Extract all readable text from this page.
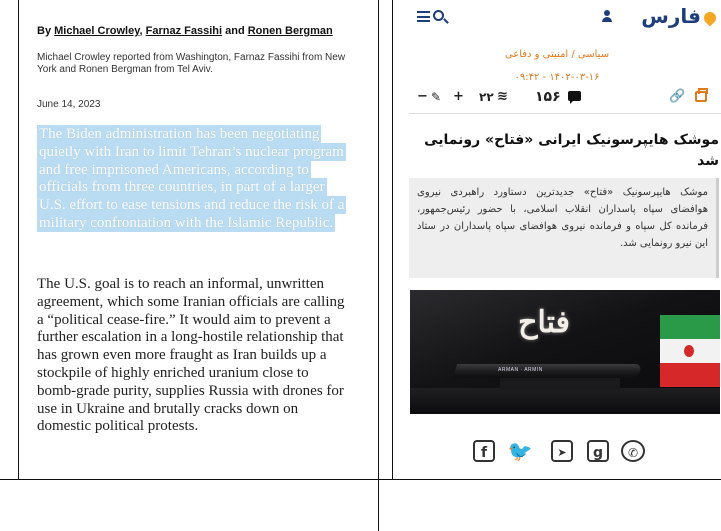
By Michael Crowley, Farnaz Fassihi and Ronen Bergman
Michael Crowley reported from Washington, Farnaz Fassihi from New York and Ronen Bergman from Tel Aviv.
June 14, 2023
The Biden administration has been negotiating quietly with Iran to limit Tehran’s nuclear program and free imprisoned Americans, according to officials from three countries, in part of a larger U.S. effort to ease tensions and reduce the risk of a military confrontation with the Islamic Republic.
The U.S. goal is to reach an informal, unwritten agreement, which some Iranian officials are calling a “political cease-fire.” It would aim to prevent a further escalation in a long-hostile relationship that has grown even more fraught as Iran builds up a stockpile of highly enriched uranium close to bomb-grade purity, supplies Russia with drones for use in Ukraine and brutally cracks down on domestic political protests.
فارس
سیاسی / امنیتی و دفاعی
۱۴۰۲-۰۳-۱۶ - ۰۹:۴۲
− ✎ + ۲۲ ≋ ۱۵۶	🔗
موشک هایپرسونیک ایرانی «فتاح» رونمایی شد
موشک هایپرسونیک «فتاح» جدیدترین دستاورد راهبردی نیروی هوافضای سپاه پاسداران انقلاب اسلامی، با حضور رئیس‌جمهور، فرمانده کل سپاه و فرمانده نیروی هوافضای سپاه پاسداران در ستاد این نیرو رونمایی شد.
فتاح
ARMAN · ARMIN
f	🐦	➤	g	✆
